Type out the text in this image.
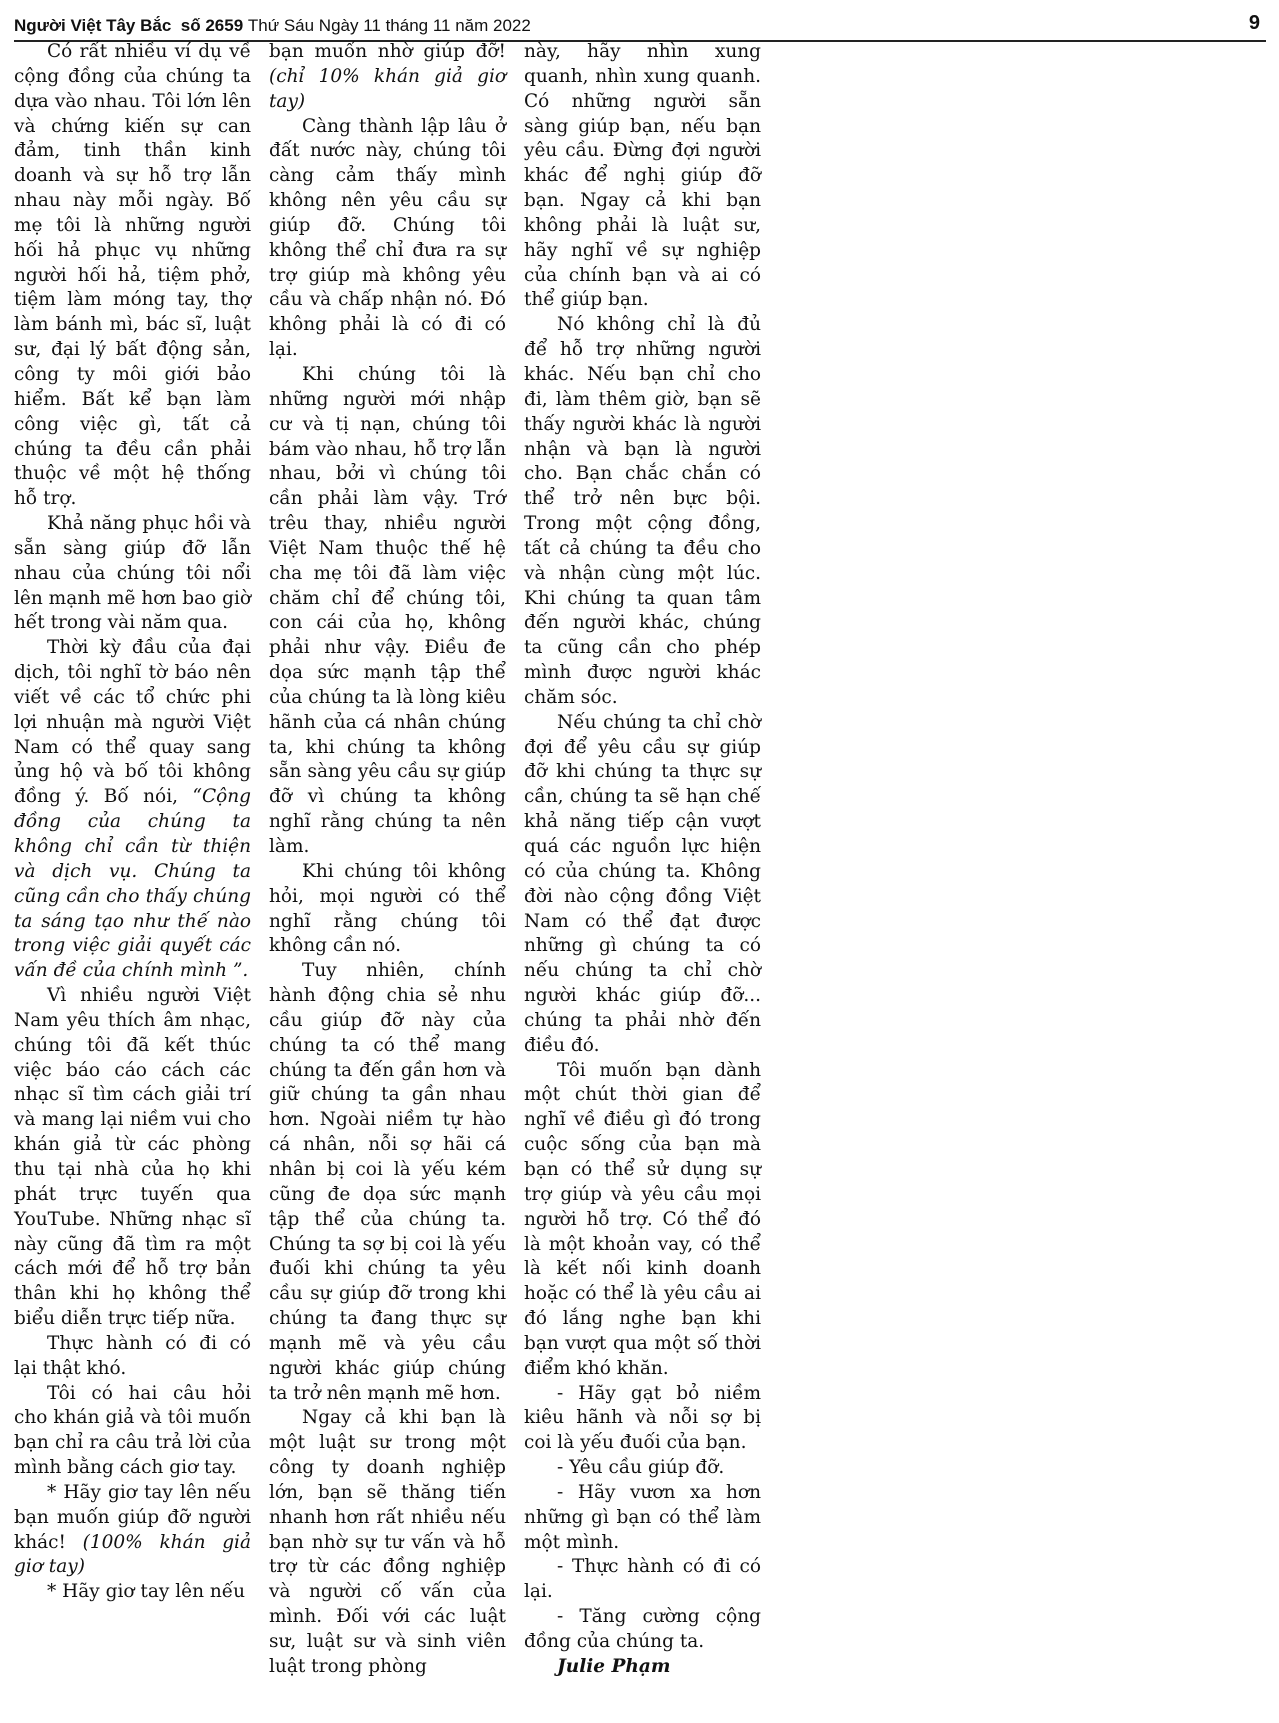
Người Việt Tây Bắc số 2659 Thứ Sáu Ngày 11 tháng 11 năm 2022	9

Có rất nhiều ví dụ về cộng đồng của chúng ta dựa vào nhau. Tôi lớn lên và chứng kiến sự can đảm, tinh thần kinh doanh và sự hỗ trợ lẫn nhau này mỗi ngày. Bố mẹ tôi là những người hối hả phục vụ những người hối hả, tiệm phở, tiệm làm móng tay, thợ làm bánh mì, bác sĩ, luật sư, đại lý bất động sản, công ty môi giới bảo hiểm. Bất kể bạn làm công việc gì, tất cả chúng ta đều cần phải thuộc về một hệ thống hỗ trợ.

Khả năng phục hồi và sẵn sàng giúp đỡ lẫn nhau của chúng tôi nổi lên mạnh mẽ hơn bao giờ hết trong vài năm qua.

Thời kỳ đầu của đại dịch, tôi nghĩ tờ báo nên viết về các tổ chức phi lợi nhuận mà người Việt Nam có thể quay sang ủng hộ và bố tôi không đồng ý. Bố nói, “Cộng đồng của chúng ta không chỉ cần từ thiện và dịch vụ. Chúng ta cũng cần cho thấy chúng ta sáng tạo như thế nào trong việc giải quyết các vấn đề của chính mình ”.

Vì nhiều người Việt Nam yêu thích âm nhạc, chúng tôi đã kết thúc việc báo cáo cách các nhạc sĩ tìm cách giải trí và mang lại niềm vui cho khán giả từ các phòng thu tại nhà của họ khi phát trực tuyến qua YouTube. Những nhạc sĩ này cũng đã tìm ra một cách mới để hỗ trợ bản thân khi họ không thể biểu diễn trực tiếp nữa.

Thực hành có đi có lại thật khó.

Tôi có hai câu hỏi cho khán giả và tôi muốn bạn chỉ ra câu trả lời của mình bằng cách giơ tay.

* Hãy giơ tay lên nếu bạn muốn giúp đỡ người khác! (100% khán giả giơ tay)

* Hãy giơ tay lên nếu

bạn muốn nhờ giúp đỡ! (chỉ 10% khán giả giơ tay)

Càng thành lập lâu ở đất nước này, chúng tôi càng cảm thấy mình không nên yêu cầu sự giúp đỡ. Chúng tôi không thể chỉ đưa ra sự trợ giúp mà không yêu cầu và chấp nhận nó. Đó không phải là có đi có lại.

Khi chúng tôi là những người mới nhập cư và tị nạn, chúng tôi bám vào nhau, hỗ trợ lẫn nhau, bởi vì chúng tôi cần phải làm vậy. Trớ trêu thay, nhiều người Việt Nam thuộc thế hệ cha mẹ tôi đã làm việc chăm chỉ để chúng tôi, con cái của họ, không phải như vậy. Điều đe dọa sức mạnh tập thể của chúng ta là lòng kiêu hãnh của cá nhân chúng ta, khi chúng ta không sẵn sàng yêu cầu sự giúp đỡ vì chúng ta không nghĩ rằng chúng ta nên làm.

Khi chúng tôi không hỏi, mọi người có thể nghĩ rằng chúng tôi không cần nó.

Tuy nhiên, chính hành động chia sẻ nhu cầu giúp đỡ này của chúng ta có thể mang chúng ta đến gần hơn và giữ chúng ta gần nhau hơn. Ngoài niềm tự hào cá nhân, nỗi sợ hãi cá nhân bị coi là yếu kém cũng đe dọa sức mạnh tập thể của chúng ta. Chúng ta sợ bị coi là yếu đuối khi chúng ta yêu cầu sự giúp đỡ trong khi chúng ta đang thực sự mạnh mẽ và yêu cầu người khác giúp chúng ta trở nên mạnh mẽ hơn.

Ngay cả khi bạn là một luật sư trong một công ty doanh nghiệp lớn, bạn sẽ thăng tiến nhanh hơn rất nhiều nếu bạn nhờ sự tư vấn và hỗ trợ từ các đồng nghiệp và người cố vấn của mình. Đối với các luật sư, luật sư và sinh viên luật trong phòng

này, hãy nhìn xung quanh, nhìn xung quanh. Có những người sẵn sàng giúp bạn, nếu bạn yêu cầu. Đừng đợi người khác để nghị giúp đỡ bạn. Ngay cả khi bạn không phải là luật sư, hãy nghĩ về sự nghiệp của chính bạn và ai có thể giúp bạn.

Nó không chỉ là đủ để hỗ trợ những người khác. Nếu bạn chỉ cho đi, làm thêm giờ, bạn sẽ thấy người khác là người nhận và bạn là người cho. Bạn chắc chắn có thể trở nên bực bội. Trong một cộng đồng, tất cả chúng ta đều cho và nhận cùng một lúc. Khi chúng ta quan tâm đến người khác, chúng ta cũng cần cho phép mình được người khác chăm sóc.

Nếu chúng ta chỉ chờ đợi để yêu cầu sự giúp đỡ khi chúng ta thực sự cần, chúng ta sẽ hạn chế khả năng tiếp cận vượt quá các nguồn lực hiện có của chúng ta. Không đời nào cộng đồng Việt Nam có thể đạt được những gì chúng ta có nếu chúng ta chỉ chờ người khác giúp đỡ... chúng ta phải nhờ đến điều đó.

Tôi muốn bạn dành một chút thời gian để nghĩ về điều gì đó trong cuộc sống của bạn mà bạn có thể sử dụng sự trợ giúp và yêu cầu mọi người hỗ trợ. Có thể đó là một khoản vay, có thể là kết nối kinh doanh hoặc có thể là yêu cầu ai đó lắng nghe bạn khi bạn vượt qua một số thời điểm khó khăn.

- Hãy gạt bỏ niềm kiêu hãnh và nỗi sợ bị coi là yếu đuối của bạn.

- Yêu cầu giúp đỡ.

- Hãy vươn xa hơn những gì bạn có thể làm một mình.

- Thực hành có đi có lại.

- Tăng cường cộng đồng của chúng ta.

Julie Phạm
